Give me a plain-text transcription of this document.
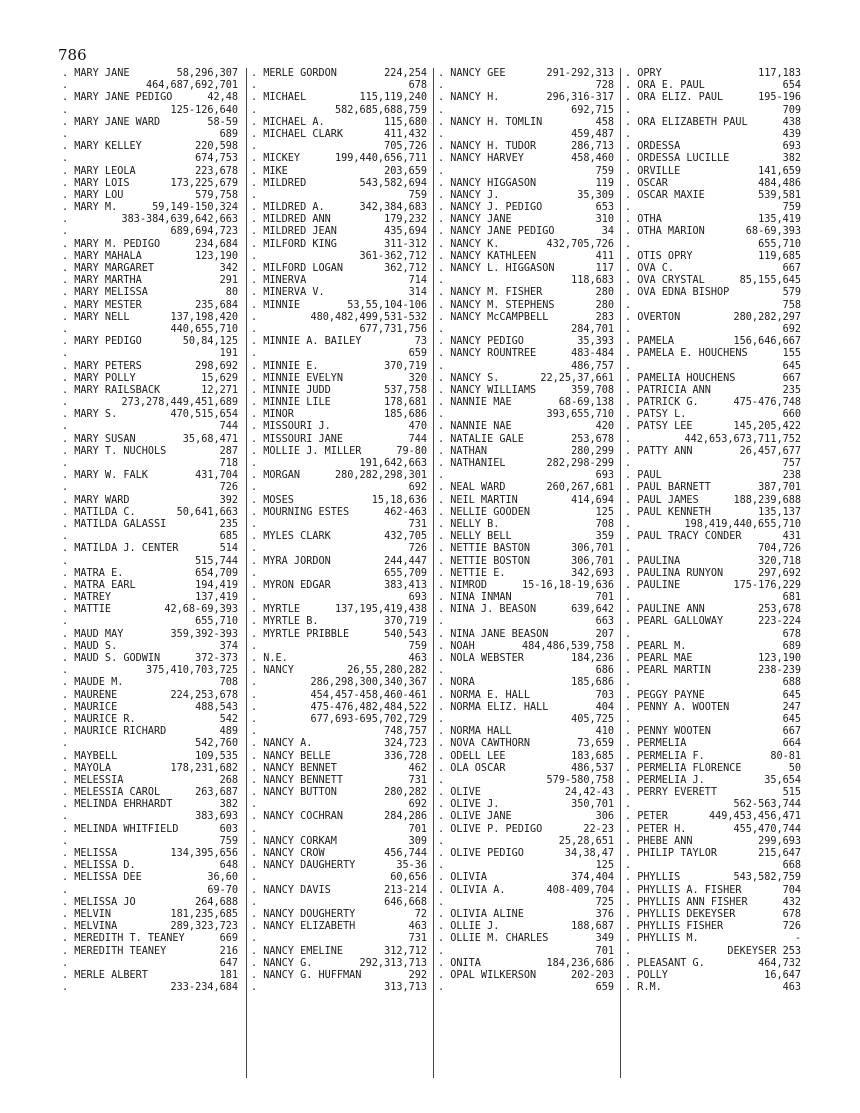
786
. MARY JANE	58,296,307
.	464,687,692,701
. MARY JANE PEDIGO	42,48
.	125-126,640
. MARY JANE WARD	58-59
.	689
. MARY KELLEY	220,598
.	674,753
. MARY LEOLA	223,678
. MARY LOIS	173,225,679
. MARY LOU	579,758
. MARY M.	59,149-150,324
.	383-384,639,642,663
.	689,694,723
. MARY M. PEDIGO	234,684
. MARY MAHALA	123,190
. MARY MARGARET	342
. MARY MARTHA	291
. MARY MELISSA	80
. MARY MESTER	235,684
. MARY NELL	137,198,420
.	440,655,710
. MARY PEDIGO	50,84,125
.	191
. MARY PETERS	298,692
. MARY POLLY	15,629
. MARY RAILSBACK	12,271
.	273,278,449,451,689
. MARY S.	470,515,654
.	744
. MARY SUSAN	35,68,471
. MARY T. NUCHOLS	287
.	718
. MARY W. FALK	431,704
.	726
. MARY WARD	392
. MATILDA C.	50,641,663
. MATILDA GALASSI	235
.	685
. MATILDA J. CENTER	514
.	515,744
. MATRA E.	654,709
. MATRA EARL	194,419
. MATREY	137,419
. MATTIE	42,68-69,393
.	655,710
. MAUD MAY	359,392-393
. MAUD S.	374
. MAUD S. GODWIN	372-373
.	375,410,703,725
. MAUDE M.	708
. MAURENE	224,253,678
. MAURICE	488,543
. MAURICE R.	542
. MAURICE RICHARD	489
.	542,760
. MAYBELL	109,535
. MAYOLA	178,231,682
. MELESSIA	268
. MELESSIA CAROL	263,687
. MELINDA EHRHARDT	382
.	383,693
. MELINDA WHITFIELD	603
.	759
. MELISSA	134,395,656
. MELISSA D.	648
. MELISSA DEE	36,60
.	69-70
. MELISSA JO	264,688
. MELVIN	181,235,685
. MELVINA	289,323,723
. MEREDITH T. TEANEY	669
. MEREDITH TEANEY	216
.	647
. MERLE ALBERT	181
.	233-234,684
. MERLE GORDON	224,254
.	678
. MICHAEL	115,119,240
.	582,685,688,759
. MICHAEL A.	115,680
. MICHAEL CLARK	411,432
.	705,726
. MICKEY	199,440,656,711
. MIKE	203,659
. MILDRED	543,582,694
.	759
. MILDRED A.	342,384,683
. MILDRED ANN	179,232
. MILDRED JEAN	435,694
. MILFORD KING	311-312
.	361-362,712
. MILFORD LOGAN	362,712
. MINERVA	714
. MINERVA V.	314
. MINNIE	53,55,104-106
.	480,482,499,531-532
.	677,731,756
. MINNIE A. BAILEY	73
.	659
. MINNIE E.	370,719
. MINNIE EVELYN	320
. MINNIE JUDD	537,758
. MINNIE LILE	178,681
. MINOR	185,686
. MISSOURI J.	470
. MISSOURI JANE	744
. MOLLIE J. MILLER	79-80
.	191,642,663
. MORGAN	280,282,298,301
.	692
. MOSES	15,18,636
. MOURNING ESTES	462-463
.	731
. MYLES CLARK	432,705
.	726
. MYRA JORDON	244,447
.	655,709
. MYRON EDGAR	383,413
.	693
. MYRTLE	137,195,419,438
. MYRTLE B.	370,719
. MYRTLE PRIBBLE	540,543
.	759
. N.E.	463
. NANCY	26,55,280,282
.	286,298,300,340,367
.	454,457-458,460-461
.	475-476,482,484,522
.	677,693-695,702,729
.	748,757
. NANCY A.	324,723
. NANCY BELLE	336,728
. NANCY BENNET	462
. NANCY BENNETT	731
. NANCY BUTTON	280,282
.	692
. NANCY COCHRAN	284,286
.	701
. NANCY CORKAM	309
. NANCY CROW	456,744
. NANCY DAUGHERTY	35-36
.	60,656
. NANCY DAVIS	213-214
.	646,668
. NANCY DOUGHERTY	72
. NANCY ELIZABETH	463
.	731
. NANCY EMELINE	312,712
. NANCY G.	292,313,713
. NANCY G. HUFFMAN	292
.	313,713
. NANCY GEE	291-292,313
.	728
. NANCY H.	296,316-317
.	692,715
. NANCY H. TOMLIN	458
.	459,487
. NANCY H. TUDOR	286,713
. NANCY HARVEY	458,460
.	759
. NANCY HIGGASON	119
. NANCY J.	35,309
. NANCY J. PEDIGO	653
. NANCY JANE	310
. NANCY JANE PEDIGO	34
. NANCY K.	432,705,726
. NANCY KATHLEEN	411
. NANCY L. HIGGASON	117
.	118,683
. NANCY M. FISHER	280
. NANCY M. STEPHENS	280
. NANCY McCAMPBELL	283
.	284,701
. NANCY PEDIGO	35,393
. NANCY ROUNTREE	483-484
.	486,757
. NANCY S.	22,25,37,661
. NANCY WILLIAMS	359,708
. NANNIE MAE	68-69,138
.	393,655,710
. NANNIE NAE	420
. NATALIE GALE	253,678
. NATHAN	280,299
. NATHANIEL	282,298-299
.	693
. NEAL WARD	260,267,681
. NEIL MARTIN	414,694
. NELLIE GOODEN	125
. NELLY B.	708
. NELLY BELL	359
. NETTIE BASTON	306,701
. NETTIE BOSTON	306,701
. NETTIE E.	342,693
. NIMROD	15-16,18-19,636
. NINA INMAN	701
. NINA J. BEASON	639,642
.	663
. NINA JANE BEASON	207
. NOAH	484,486,539,758
. NOLA WEBSTER	184,236
.	686
. NORA	185,686
. NORMA E. HALL	703
. NORMA ELIZ. HALL	404
.	405,725
. NORMA HALL	410
. NOVA CAWTHORN	73,659
. ODELL LEE	183,685
. OLA OSCAR	486,537
.	579-580,758
. OLIVE	24,42-43
. OLIVE J.	350,701
. OLIVE JANE	306
. OLIVE P. PEDIGO	22-23
.	25,28,651
. OLIVE PEDIGO	34,38,47
.	125
. OLIVIA	374,404
. OLIVIA A.	408-409,704
.	725
. OLIVIA ALINE	376
. OLLIE J.	188,687
. OLLIE M. CHARLES	349
.	701
. ONITA	184,236,686
. OPAL WILKERSON	202-203
.	659
. OPRY	117,183
. ORA E. PAUL	654
. ORA ELIZ. PAUL	195-196
.	709
. ORA ELIZABETH PAUL	438
.	439
. ORDESSA	693
. ORDESSA LUCILLE	382
. ORVILLE	141,659
. OSCAR	484,486
. OSCAR MAXIE	539,581
.	759
. OTHA	135,419
. OTHA MARION	68-69,393
.	655,710
. OTIS OPRY	119,685
. OVA C.	667
. OVA CRYSTAL	85,155,645
. OVA EDNA BISHOP	579
.	758
. OVERTON	280,282,297
.	692
. PAMELA	156,646,667
. PAMELA E. HOUCHENS	155
.	645
. PAMELIA HOUCHENS	667
. PATRICIA ANN	235
. PATRICK G.	475-476,748
. PATSY L.	660
. PATSY LEE	145,205,422
.	442,653,673,711,752
. PATTY ANN	26,457,677
.	757
. PAUL	238
. PAUL BARNETT	387,701
. PAUL JAMES	188,239,688
. PAUL KENNETH	135,137
.	198,419,440,655,710
. PAUL TRACY CONDER	431
.	704,726
. PAULINA	320,718
. PAULINA RUNYON	297,692
. PAULINE	175-176,229
.	681
. PAULINE ANN	253,678
. PEARL GALLOWAY	223-224
.	678
. PEARL M.	689
. PEARL MAE	123,190
. PEARL MARTIN	238-239
.	688
. PEGGY PAYNE	645
. PENNY A. WOOTEN	247
.	645
. PENNY WOOTEN	667
. PERMELIA	664
. PERMELIA F.	80-81
. PERMELIA FLORENCE	50
. PERMELIA J.	35,654
. PERRY EVERETT	515
.	562-563,744
. PETER	449,453,456,471
. PETER H.	455,470,744
. PHEBE ANN	299,693
. PHILIP TAYLOR	215,647
.	668
. PHYLLIS	543,582,759
. PHYLLIS A. FISHER	704
. PHYLLIS ANN FISHER	432
. PHYLLIS DEKEYSER	678
. PHYLLIS FISHER	726
. PHYLLIS M.	-
.	DEKEYSER 253
. PLEASANT G.	464,732
. POLLY	16,647
. R.M.	463
